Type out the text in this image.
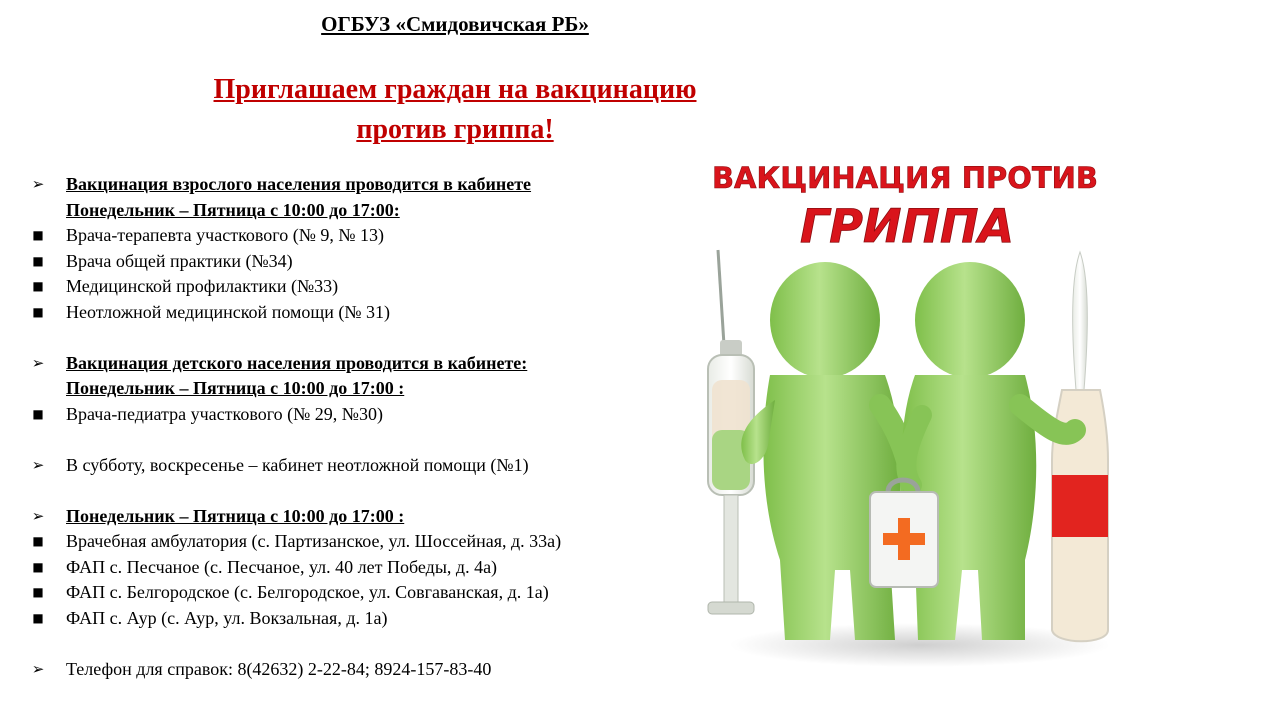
ОГБУЗ «Смидовичская РБ»
Приглашаем граждан на вакцинацию
против гриппа!
➢ Вакцинация взрослого населения проводится в кабинете
Понедельник – Пятница с 10:00 до 17:00:
■ Врача-терапевта участкового (№ 9, № 13)
■ Врача общей практики (№34)
■ Медицинской профилактики (№33)
■ Неотложной медицинской помощи (№ 31)
➢ Вакцинация детского населения проводится в кабинете:
Понедельник – Пятница с 10:00 до 17:00 :
■ Врача-педиатра участкового (№ 29, №30)
➢ В субботу, воскресенье – кабинет неотложной помощи (№1)
➢ Понедельник – Пятница с 10:00 до 17:00 :
■ Врачебная амбулатория (с. Партизанское, ул. Шоссейная, д. 33а)
■ ФАП с. Песчаное (с. Песчаное, ул. 40 лет Победы, д. 4а)
■ ФАП с. Белгородское (с. Белгородское, ул. Совгаванская, д. 1а)
■ ФАП с. Аур (с. Аур, ул. Вокзальная, д. 1а)
➢ Телефон для справок: 8(42632) 2-22-84; 8924-157-83-40
ВАКЦИНАЦИЯ ПРОТИВ
ГРИППА
